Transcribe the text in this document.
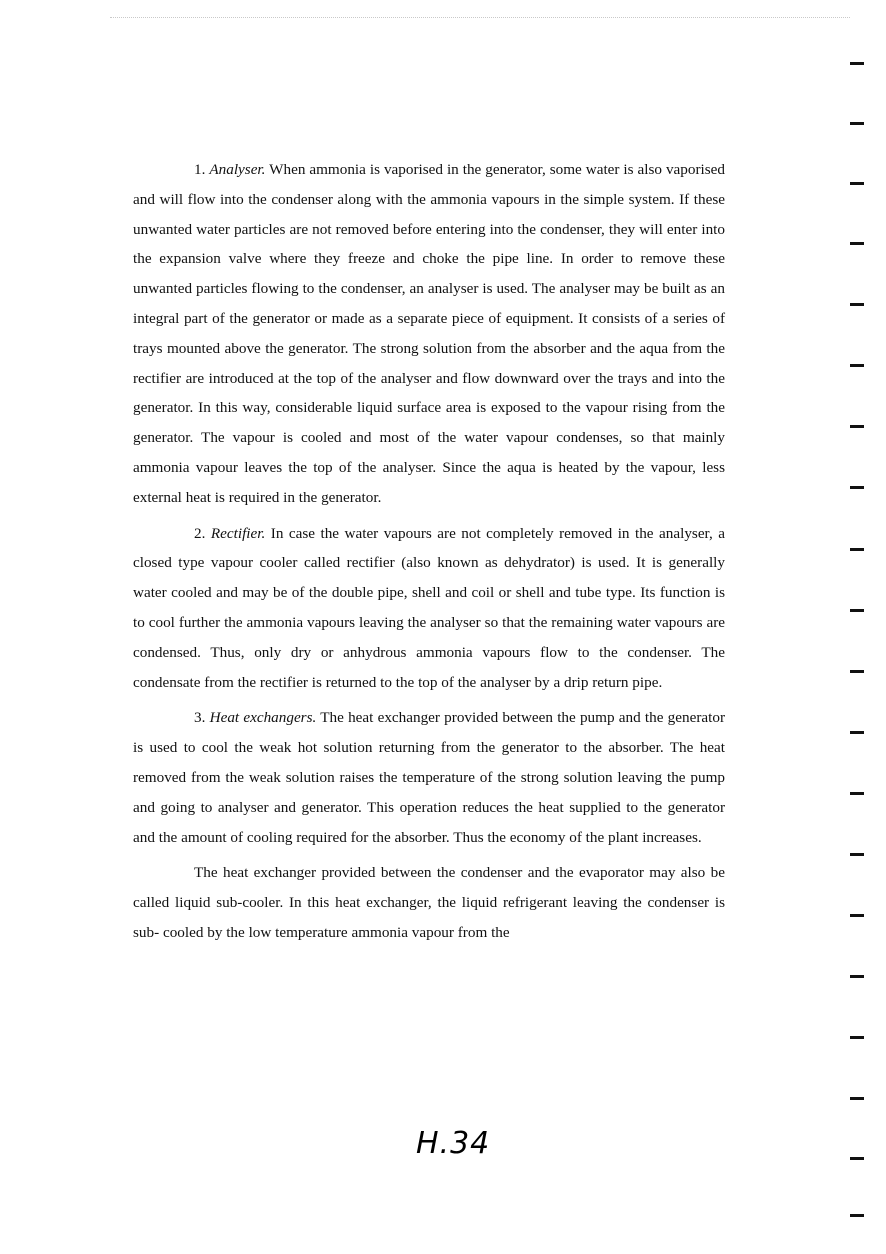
1. Analyser. When ammonia is vaporised in the generator, some water is also vaporised and will flow into the condenser along with the ammonia vapours in the simple system. If these unwanted water particles are not removed before entering into the condenser, they will enter into the expansion valve where they freeze and choke the pipe line. In order to remove these unwanted particles flowing to the condenser, an analyser is used. The analyser may be built as an integral part of the generator or made as a separate piece of equipment. It consists of a series of trays mounted above the generator. The strong solution from the absorber and the aqua from the rectifier are introduced at the top of the analyser and flow downward over the trays and into the generator. In this way, considerable liquid surface area is exposed to the vapour rising from the generator. The vapour is cooled and most of the water vapour condenses, so that mainly ammonia vapour leaves the top of the analyser. Since the aqua is heated by the vapour, less external heat is required in the generator.

2. Rectifier. In case the water vapours are not completely removed in the analyser, a closed type vapour cooler called rectifier (also known as dehydrator) is used. It is generally water cooled and may be of the double pipe, shell and coil or shell and tube type. Its function is to cool further the ammonia vapours leaving the analyser so that the remaining water vapours are condensed. Thus, only dry or anhydrous ammonia vapours flow to the condenser. The condensate from the rectifier is returned to the top of the analyser by a drip return pipe.

3. Heat exchangers. The heat exchanger provided between the pump and the generator is used to cool the weak hot solution returning from the generator to the absorber. The heat removed from the weak solution raises the temperature of the strong solution leaving the pump and going to analyser and generator. This operation reduces the heat supplied to the generator and the amount of cooling required for the absorber. Thus the economy of the plant increases.

The heat exchanger provided between the condenser and the evaporator may also be called liquid sub-cooler. In this heat exchanger, the liquid refrigerant leaving the condenser is sub- cooled by the low temperature ammonia vapour from the

H.34
